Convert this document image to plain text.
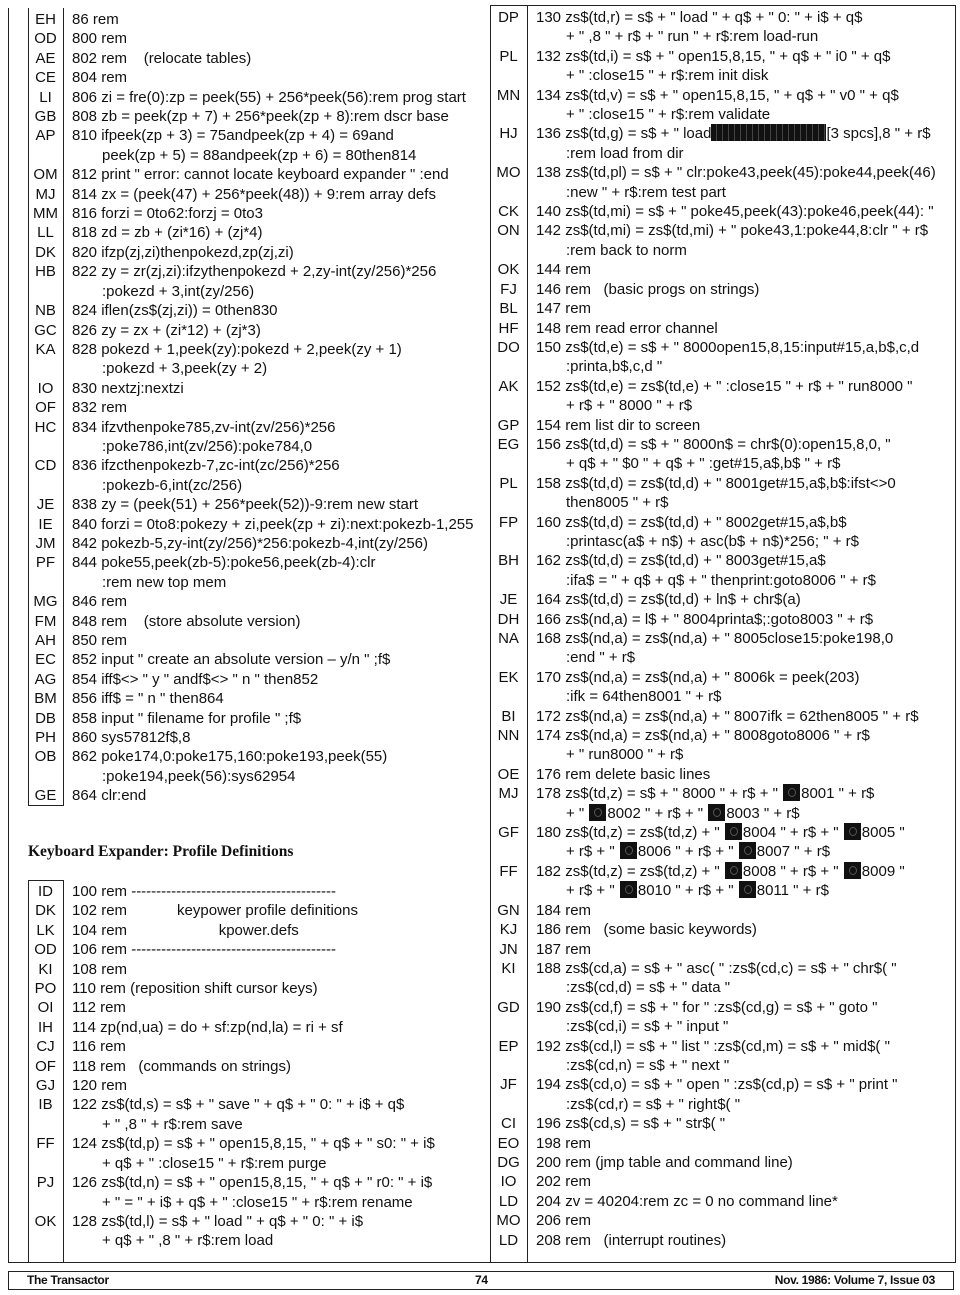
EH	86 rem
OD	800 rem
AE	802 rem    (relocate tables)
CE	804 rem
LI	806 zi = fre(0):zp = peek(55) + 256*peek(56):rem prog start
GB	808 zb = peek(zp + 7) + 256*peek(zp + 8):rem dscr base
AP	810 ifpeek(zp + 3) = 75andpeek(zp + 4) = 69and
peek(zp + 5) = 88andpeek(zp + 6) = 80then814
OM 812 print " error: cannot locate keyboard expander " :end
MJ	814 zx = (peek(47) + 256*peek(48)) + 9:rem array defs
MM 816 forzi = 0to62:forzj = 0to3
LL	818 zd = zb + (zi*16) + (zj*4)
DK	820 ifzp(zj,zi)thenpokezd,zp(zj,zi)
HB	822 zy = zr(zj,zi):ifzythenpokezd + 2,zy-int(zy/256)*256
:pokezd + 3,int(zy/256)
NB	824 iflen(zs$(zj,zi)) = 0then830
GC	826 zy = zx + (zi*12) + (zj*3)
KA	828 pokezd + 1,peek(zy):pokezd + 2,peek(zy + 1)
:pokezd + 3,peek(zy + 2)
IO	830 nextzj:nextzi
OF	832 rem
HC	834 ifzvthenpoke785,zv-int(zv/256)*256
:poke786,int(zv/256):poke784,0
CD	836 ifzcthenpokezb-7,zc-int(zc/256)*256
:pokezb-6,int(zc/256)
JE	838 zy = (peek(51) + 256*peek(52))-9:rem new start
IE	840 forzi = 0to8:pokezy + zi,peek(zp + zi):next:pokezb-1,255
JM	842 pokezb-5,zy-int(zy/256)*256:pokezb-4,int(zy/256)
PF	844 poke55,peek(zb-5):poke56,peek(zb-4):clr
:rem new top mem
MG 846 rem
FM	848 rem    (store absolute version)
AH	850 rem
EC	852 input " create an absolute version – y/n " ;f$
AG	854 iff$<> " y " andf$<> " n " then852
BM	856 iff$ = " n " then864
DB	858 input " filename for profile " ;f$
PH	860 sys57812f$,8
OB	862 poke174,0:poke175,160:poke193,peek(55)
:poke194,peek(56):sys62954
GE	864 clr:end
Keyboard Expander: Profile Definitions
ID	100 rem -----------------------------------------
DK	102 rem            keypower profile definitions
LK	104 rem                      kpower.defs
OD	106 rem -----------------------------------------
KI	108 rem
PO	110 rem (reposition shift cursor keys)
OI	112 rem
IH	114 zp(nd,ua) = do + sf:zp(nd,la) = ri + sf
CJ	116 rem
OF	118 rem   (commands on strings)
GJ	120 rem
IB	122 zs$(td,s) = s$ + " save " + q$ + " 0: " + i$ + q$
+ " ,8 " + r$:rem save
FF	124 zs$(td,p) = s$ + " open15,8,15, " + q$ + " s0: " + i$
+ q$ + " :close15 " + r$:rem purge
PJ	126 zs$(td,n) = s$ + " open15,8,15, " + q$ + " r0: " + i$
+ " = " + i$ + q$ + " :close15 " + r$:rem rename
OK	128 zs$(td,l) = s$ + " load " + q$ + " 0: " + i$
+ q$ + " ,8 " + r$:rem load
DP	130 zs$(td,r) = s$ + " load " + q$ + " 0: " + i$ + q$
+ " ,8 " + r$ + " run " + r$:rem load-run
PL	132 zs$(td,i) = s$ + " open15,8,15, " + q$ + " i0 " + q$
+ " :close15 " + r$:rem init disk
MN	134 zs$(td,v) = s$ + " open15,8,15, " + q$ + " v0 " + q$
+ " :close15 " + r$:rem validate
HJ	136 zs$(td,g) = s$ + " load	[3 spcs],8 " + r$
:rem load from dir
MO	138 zs$(td,pl) = s$ + " clr:poke43,peek(45):poke44,peek(46)
:new " + r$:rem test part
CK	140 zs$(td,mi) = s$ + " poke45,peek(43):poke46,peek(44): "
ON	142 zs$(td,mi) = zs$(td,mi) + " poke43,1:poke44,8:clr " + r$
:rem back to norm
OK	144 rem
FJ	146 rem   (basic progs on strings)
BL	147 rem
HF	148 rem read error channel
DO	150 zs$(td,e) = s$ + " 8000open15,8,15:input#15,a,b$,c,d
:printa,b$,c,d "
AK	152 zs$(td,e) = zs$(td,e) + " :close15 " + r$ + " run8000 "
+ r$ + " 8000 " + r$
GP	154 rem list dir to screen
EG	156 zs$(td,d) = s$ + " 8000n$ = chr$(0):open15,8,0, "
+ q$ + " $0 " + q$ + " :get#15,a$,b$ " + r$
PL	158 zs$(td,d) = zs$(td,d) + " 8001get#15,a$,b$:ifst<>0
then8005 " + r$
FP	160 zs$(td,d) = zs$(td,d) + " 8002get#15,a$,b$
:printasc(a$ + n$) + asc(b$ + n$)*256; " + r$
BH	162 zs$(td,d) = zs$(td,d) + " 8003get#15,a$
:ifa$ = " + q$ + q$ + " thenprint:goto8006 " + r$
JE	164 zs$(td,d) = zs$(td,d) + ln$ + chr$(a)
DH	166 zs$(nd,a) = l$ + " 8004printa$;:goto8003 " + r$
NA	168 zs$(nd,a) = zs$(nd,a) + " 8005close15:poke198,0
:end " + r$
EK	170 zs$(nd,a) = zs$(nd,a) + " 8006k = peek(203)
:ifk = 64then8001 " + r$
BI	172 zs$(nd,a) = zs$(nd,a) + " 8007ifk = 62then8005 " + r$
NN	174 zs$(nd,a) = zs$(nd,a) + " 8008goto8006 " + r$
+ " run8000 " + r$
OE	176 rem delete basic lines
MJ	178 zs$(td,z) = s$ + " 8000 " + r$ + " 8001 " + r$
+ " 8002 " + r$ + " 8003 " + r$
GF	180 zs$(td,z) = zs$(td,z) + " 8004 " + r$ + " 8005 "
+ r$ + " 8006 " + r$ + " 8007 " + r$
FF	182 zs$(td,z) = zs$(td,z) + " 8008 " + r$ + " 8009 "
+ r$ + " 8010 " + r$ + " 8011 " + r$
GN	184 rem
KJ	186 rem   (some basic keywords)
JN	187 rem
KI	188 zs$(cd,a) = s$ + " asc( " :zs$(cd,c) = s$ + " chr$( "
:zs$(cd,d) = s$ + " data "
GD	190 zs$(cd,f) = s$ + " for " :zs$(cd,g) = s$ + " goto "
:zs$(cd,i) = s$ + " input "
EP	192 zs$(cd,l) = s$ + " list " :zs$(cd,m) = s$ + " mid$( "
:zs$(cd,n) = s$ + " next "
JF	194 zs$(cd,o) = s$ + " open " :zs$(cd,p) = s$ + " print "
:zs$(cd,r) = s$ + " right$( "
CI	196 zs$(cd,s) = s$ + " str$( "
EO	198 rem
DG	200 rem (jmp table and command line)
IO	202 rem
LD	204 zv = 40204:rem zc = 0 no command line*
MO	206 rem
LD	208 rem   (interrupt routines)
The Transactor	74	Nov. 1986: Volume 7, Issue 03
